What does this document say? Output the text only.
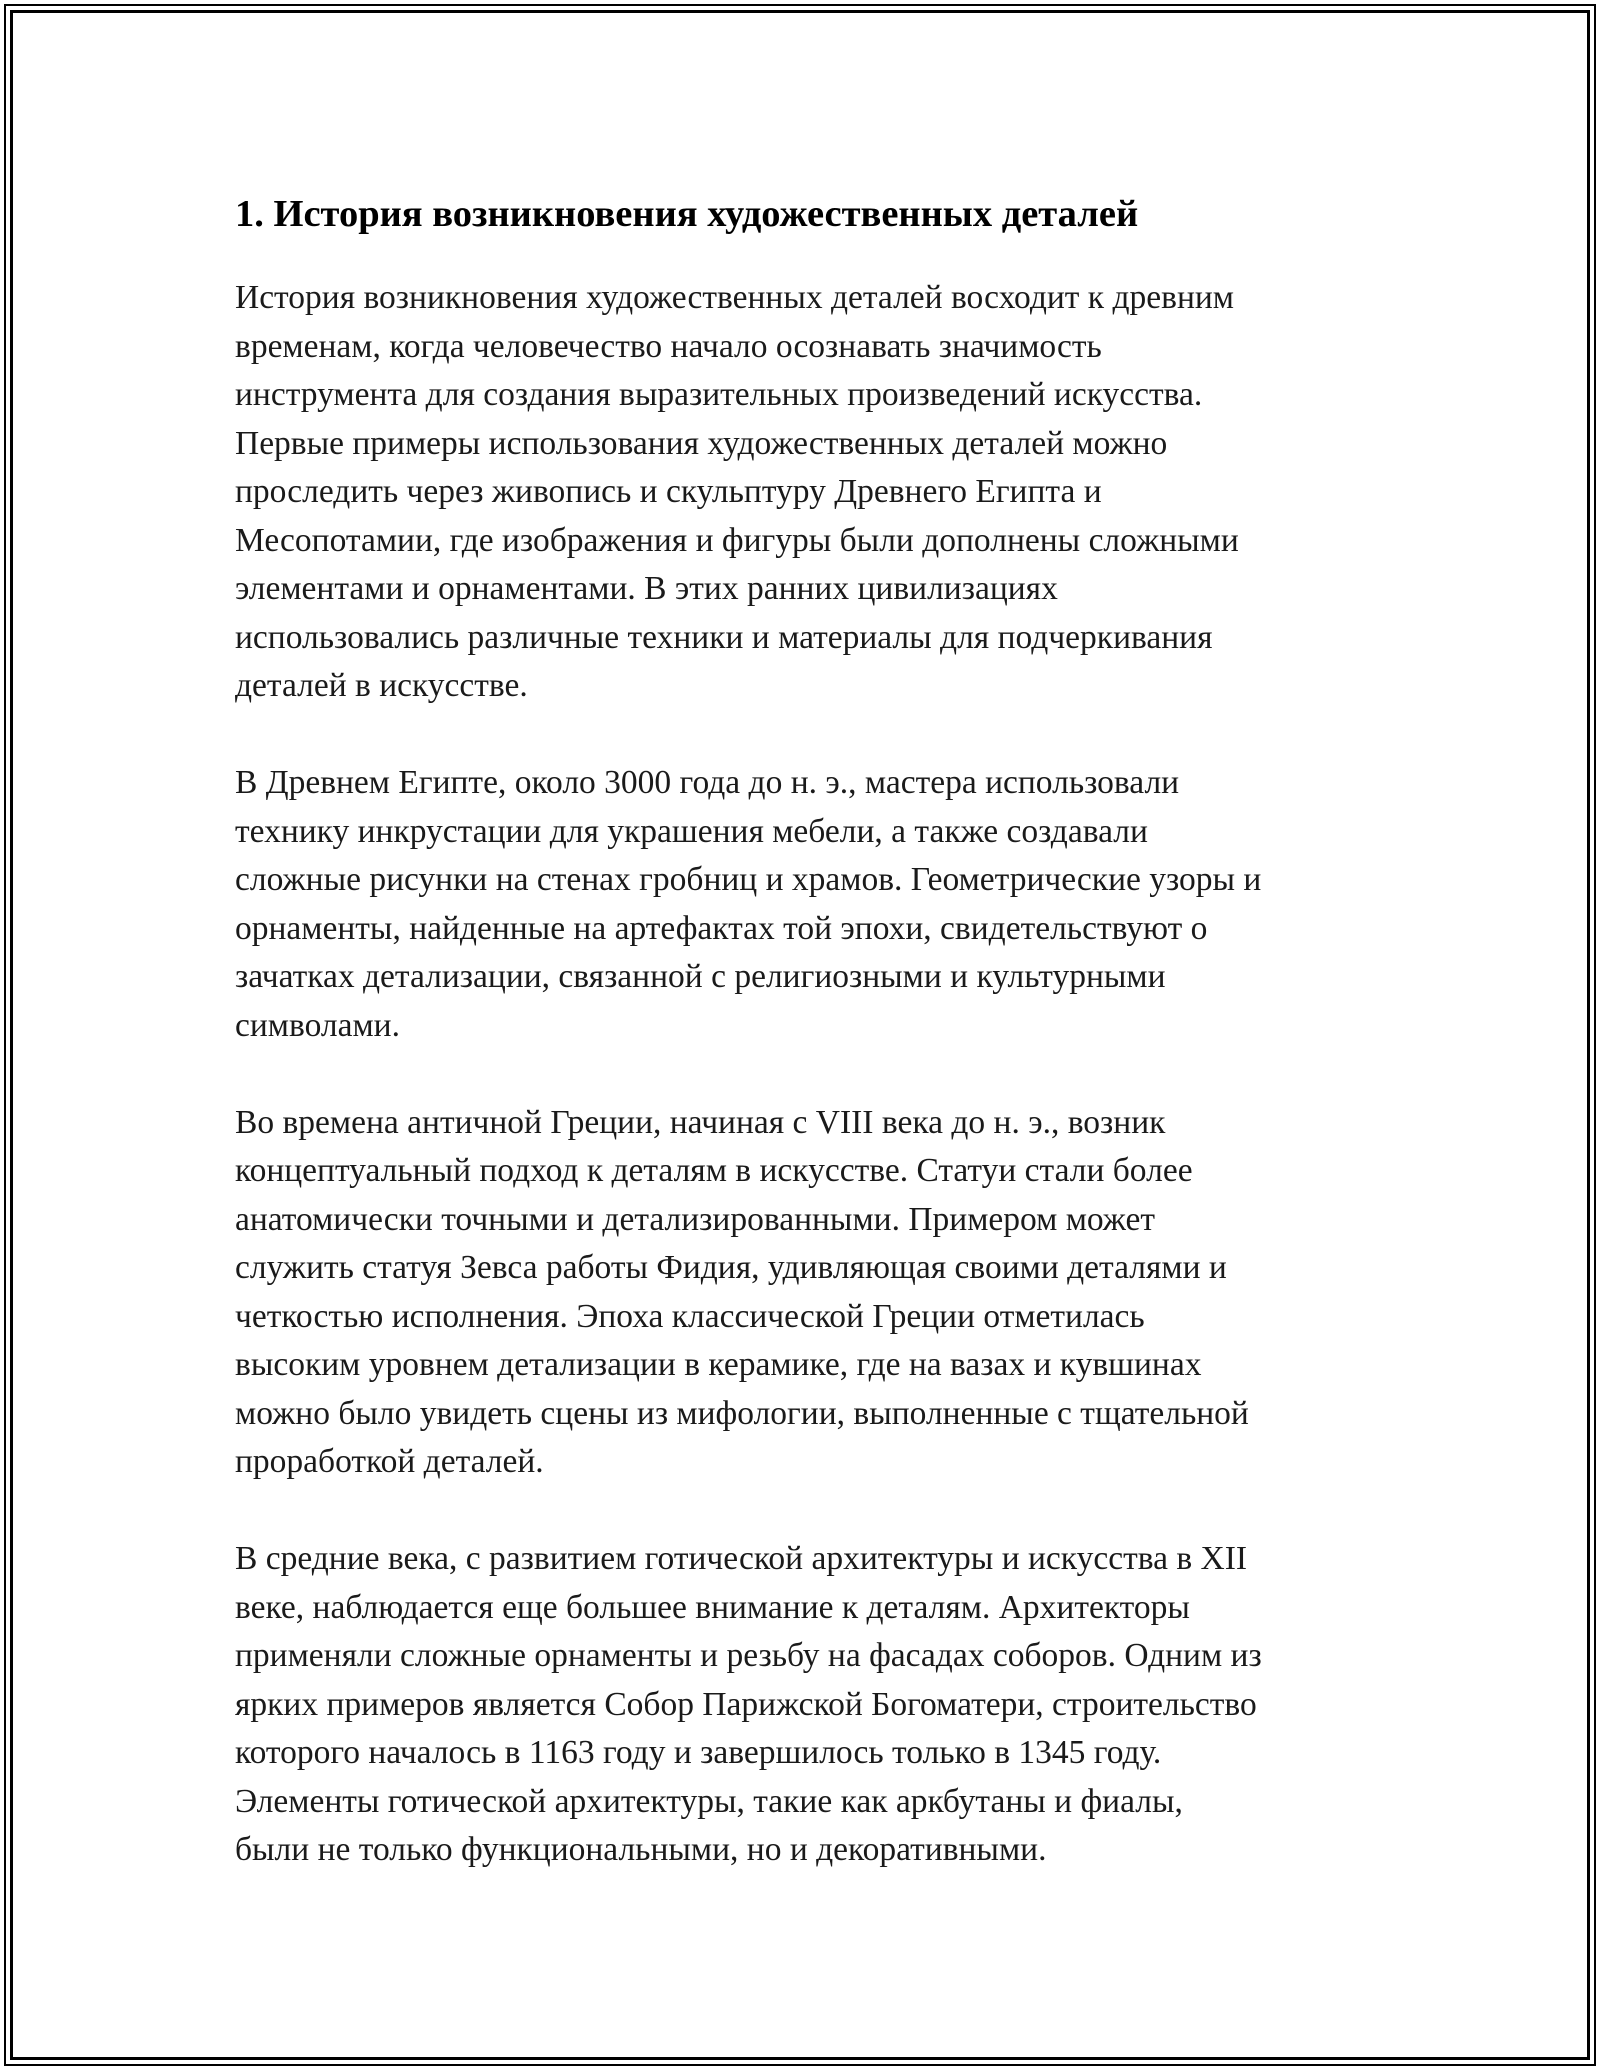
1. История возникновения художественных деталей

История возникновения художественных деталей восходит к древним
временам, когда человечество начало осознавать значимость
инструмента для создания выразительных произведений искусства.
Первые примеры использования художественных деталей можно
проследить через живопись и скульптуру Древнего Египта и
Месопотамии, где изображения и фигуры были дополнены сложными
элементами и орнаментами. В этих ранних цивилизациях
использовались различные техники и материалы для подчеркивания
деталей в искусстве.

В Древнем Египте, около 3000 года до н. э., мастера использовали
технику инкрустации для украшения мебели, а также создавали
сложные рисунки на стенах гробниц и храмов. Геометрические узоры и
орнаменты, найденные на артефактах той эпохи, свидетельствуют о
зачатках детализации, связанной с религиозными и культурными
символами.

Во времена античной Греции, начиная с VIII века до н. э., возник
концептуальный подход к деталям в искусстве. Статуи стали более
анатомически точными и детализированными. Примером может
служить статуя Зевса работы Фидия, удивляющая своими деталями и
четкостью исполнения. Эпоха классической Греции отметилась
высоким уровнем детализации в керамике, где на вазах и кувшинах
можно было увидеть сцены из мифологии, выполненные с тщательной
проработкой деталей.

В средние века, с развитием готической архитектуры и искусства в XII
веке, наблюдается еще большее внимание к деталям. Архитекторы
применяли сложные орнаменты и резьбу на фасадах соборов. Одним из
ярких примеров является Собор Парижской Богоматери, строительство
которого началось в 1163 году и завершилось только в 1345 году.
Элементы готической архитектуры, такие как аркбутаны и фиалы,
были не только функциональными, но и декоративными.
